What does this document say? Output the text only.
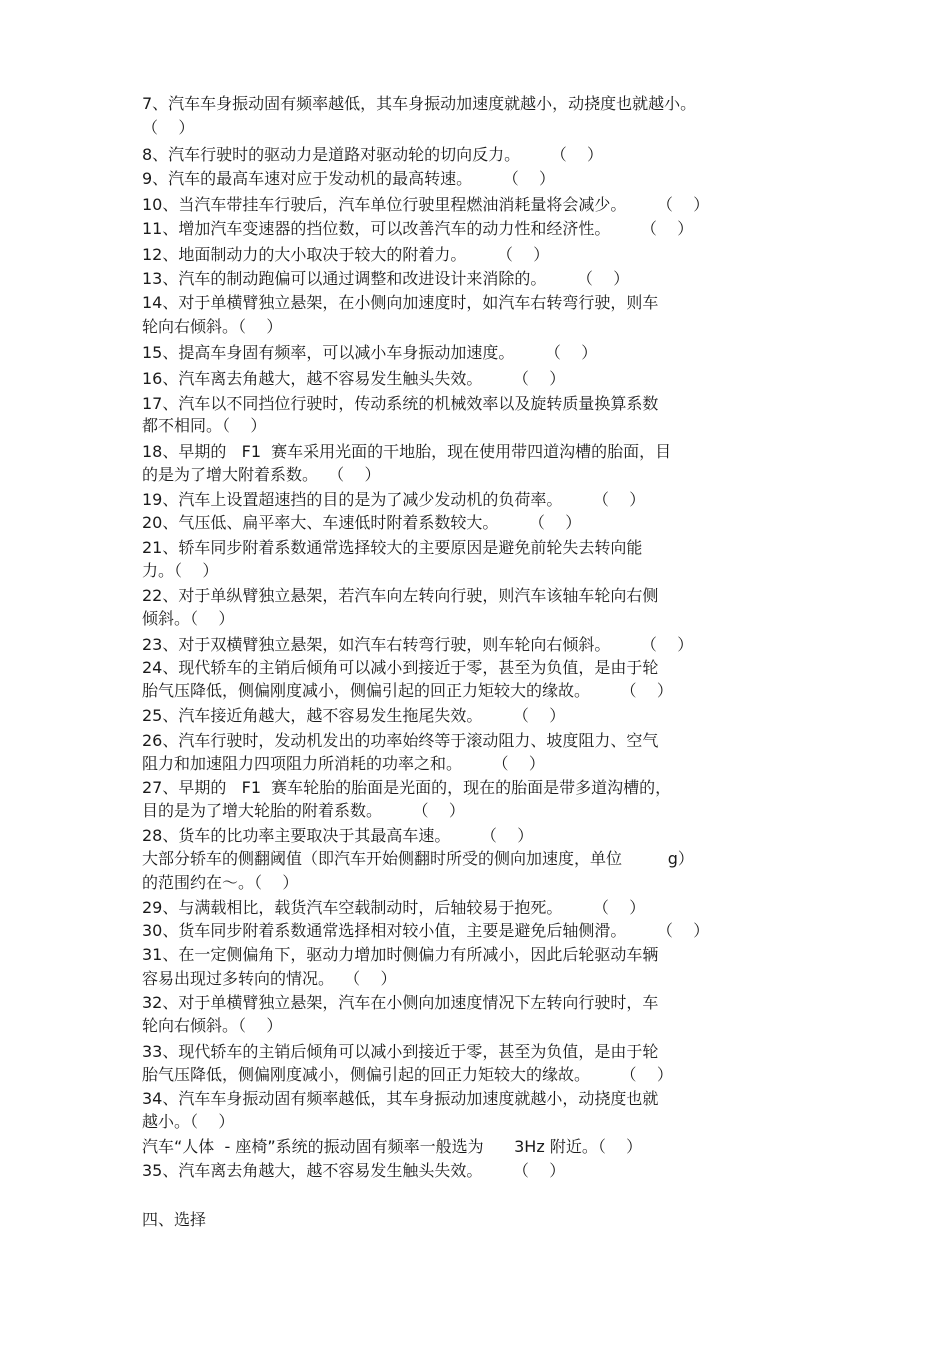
7、汽车车身振动固有频率越低，其车身振动加速度就越小，动挠度也就越小。
（    ）
8、汽车行驶时的驱动力是道路对驱动轮的切向反力。      （    ）
9、汽车的最高车速对应于发动机的最高转速。      （    ）
10、当汽车带挂车行驶后，汽车单位行驶里程燃油消耗量将会减少。      （    ）
11、增加汽车变速器的挡位数，可以改善汽车的动力性和经济性。      （    ）
12、地面制动力的大小取决于较大的附着力。      （    ）
13、汽车的制动跑偏可以通过调整和改进设计来消除的。      （    ）
14、对于单横臂独立悬架，在小侧向加速度时，如汽车右转弯行驶，则车
轮向右倾斜。（    ）
15、提高车身固有频率，可以减小车身振动加速度。      （    ）
16、汽车离去角越大，越不容易发生触头失效。      （    ）
17、汽车以不同挡位行驶时，传动系统的机械效率以及旋转质量换算系数
都不相同。（    ）
18、早期的   F1  赛车采用光面的干地胎，现在使用带四道沟槽的胎面，目
的是为了增大附着系数。  （    ）
19、汽车上设置超速挡的目的是为了减少发动机的负荷率。      （    ）
20、气压低、扁平率大、车速低时附着系数较大。      （    ）
21、轿车同步附着系数通常选择较大的主要原因是避免前轮失去转向能
力。（    ）
22、对于单纵臂独立悬架，若汽车向左转向行驶，则汽车该轴车轮向右侧
倾斜。（    ）
23、对于双横臂独立悬架，如汽车右转弯行驶，则车轮向右倾斜。      （    ）
24、现代轿车的主销后倾角可以减小到接近于零，甚至为负值，是由于轮
胎气压降低，侧偏刚度减小，侧偏引起的回正力矩较大的缘故。      （    ）
25、汽车接近角越大，越不容易发生拖尾失效。      （    ）
26、汽车行驶时，发动机发出的功率始终等于滚动阻力、坡度阻力、空气
阻力和加速阻力四项阻力所消耗的功率之和。      （    ）
27、早期的   F1  赛车轮胎的胎面是光面的，现在的胎面是带多道沟槽的，
目的是为了增大轮胎的附着系数。      （    ）
28、货车的比功率主要取决于其最高车速。      （    ）
大部分轿车的侧翻阈值（即汽车开始侧翻时所受的侧向加速度，单位         g）
的范围约在～。（    ）
29、与满载相比，载货汽车空载制动时，后轴较易于抱死。      （    ）
30、货车同步附着系数通常选择相对较小值，主要是避免后轴侧滑。      （    ）
31、在一定侧偏角下，驱动力增加时侧偏力有所减小，因此后轮驱动车辆
容易出现过多转向的情况。  （    ）
32、对于单横臂独立悬架，汽车在小侧向加速度情况下左转向行驶时，车
轮向右倾斜。（    ）
33、现代轿车的主销后倾角可以减小到接近于零，甚至为负值，是由于轮
胎气压降低，侧偏刚度减小，侧偏引起的回正力矩较大的缘故。      （    ）
34、汽车车身振动固有频率越低，其车身振动加速度就越小，动挠度也就
越小。（    ）
汽车“人体  - 座椅”系统的振动固有频率一般选为      3Hz 附近。（    ）
35、汽车离去角越大，越不容易发生触头失效。      （    ）
四、选择
